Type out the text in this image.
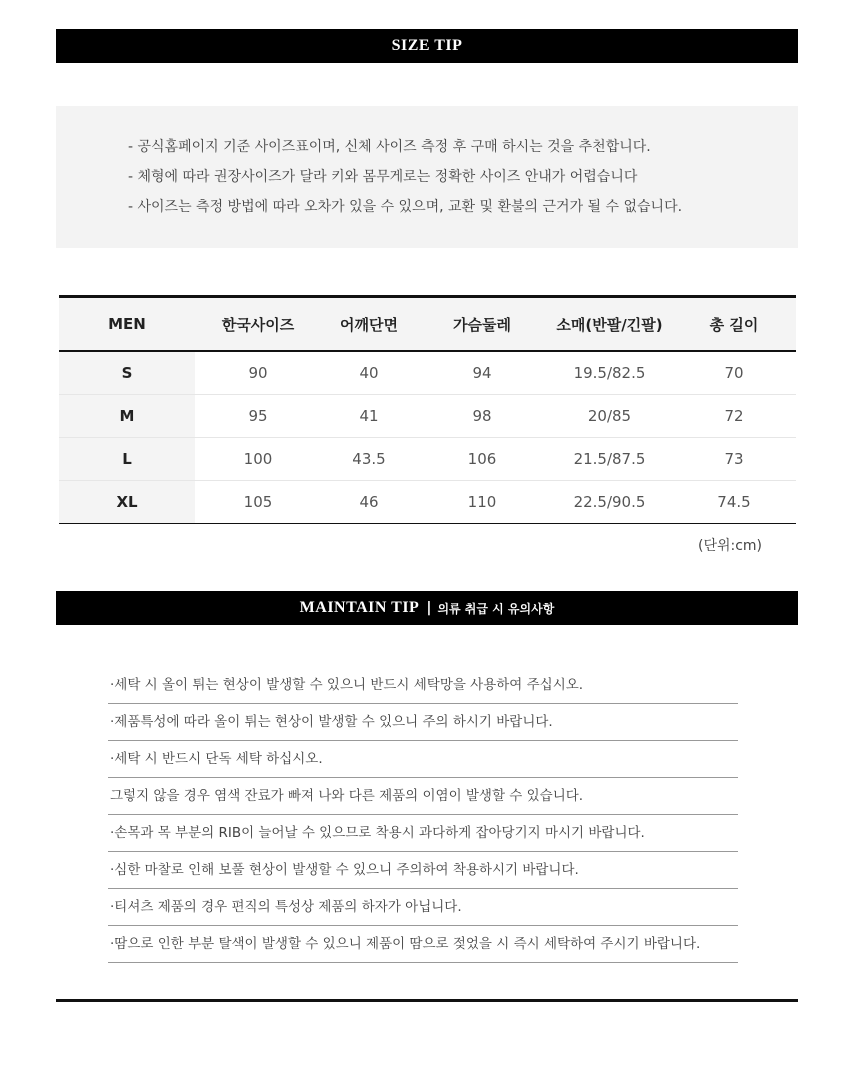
SIZE TIP
- 공식홈페이지 기준 사이즈표이며, 신체 사이즈 측정 후 구매 하시는 것을 추천합니다.
- 체형에 따라 권장사이즈가 달라 키와 몸무게로는 정확한 사이즈 안내가 어렵습니다
- 사이즈는 측정 방법에 따라 오차가 있을 수 있으며, 교환 및 환불의 근거가 될 수 없습니다.
MEN	한국사이즈	어깨단면	가슴둘레	소매(반팔/긴팔)	총 길이
S	90	40	94	19.5/82.5	70
M	95	41	98	20/85	72
L	100	43.5	106	21.5/87.5	73
XL	105	46	110	22.5/90.5	74.5
(단위:cm)
MAINTAIN TIP | 의류 취급 시 유의사항
·세탁 시 올이 튀는 현상이 발생할 수 있으니 반드시 세탁망을 사용하여 주십시오.
·제품특성에 따라 올이 튀는 현상이 발생할 수 있으니 주의 하시기 바랍니다.
·세탁 시 반드시 단독 세탁 하십시오.
그렇지 않을 경우 염색 잔료가 빠져 나와 다른 제품의 이염이 발생할 수 있습니다.
·손목과 목 부분의 RIB이 늘어날 수 있으므로 착용시 과다하게 잡아당기지 마시기 바랍니다.
·심한 마찰로 인해 보풀 현상이 발생할 수 있으니 주의하여 착용하시기 바랍니다.
·티셔츠 제품의 경우 편직의 특성상 제품의 하자가 아닙니다.
·땀으로 인한 부분 탈색이 발생할 수 있으니 제품이 땀으로 젖었을 시 즉시 세탁하여 주시기 바랍니다.
